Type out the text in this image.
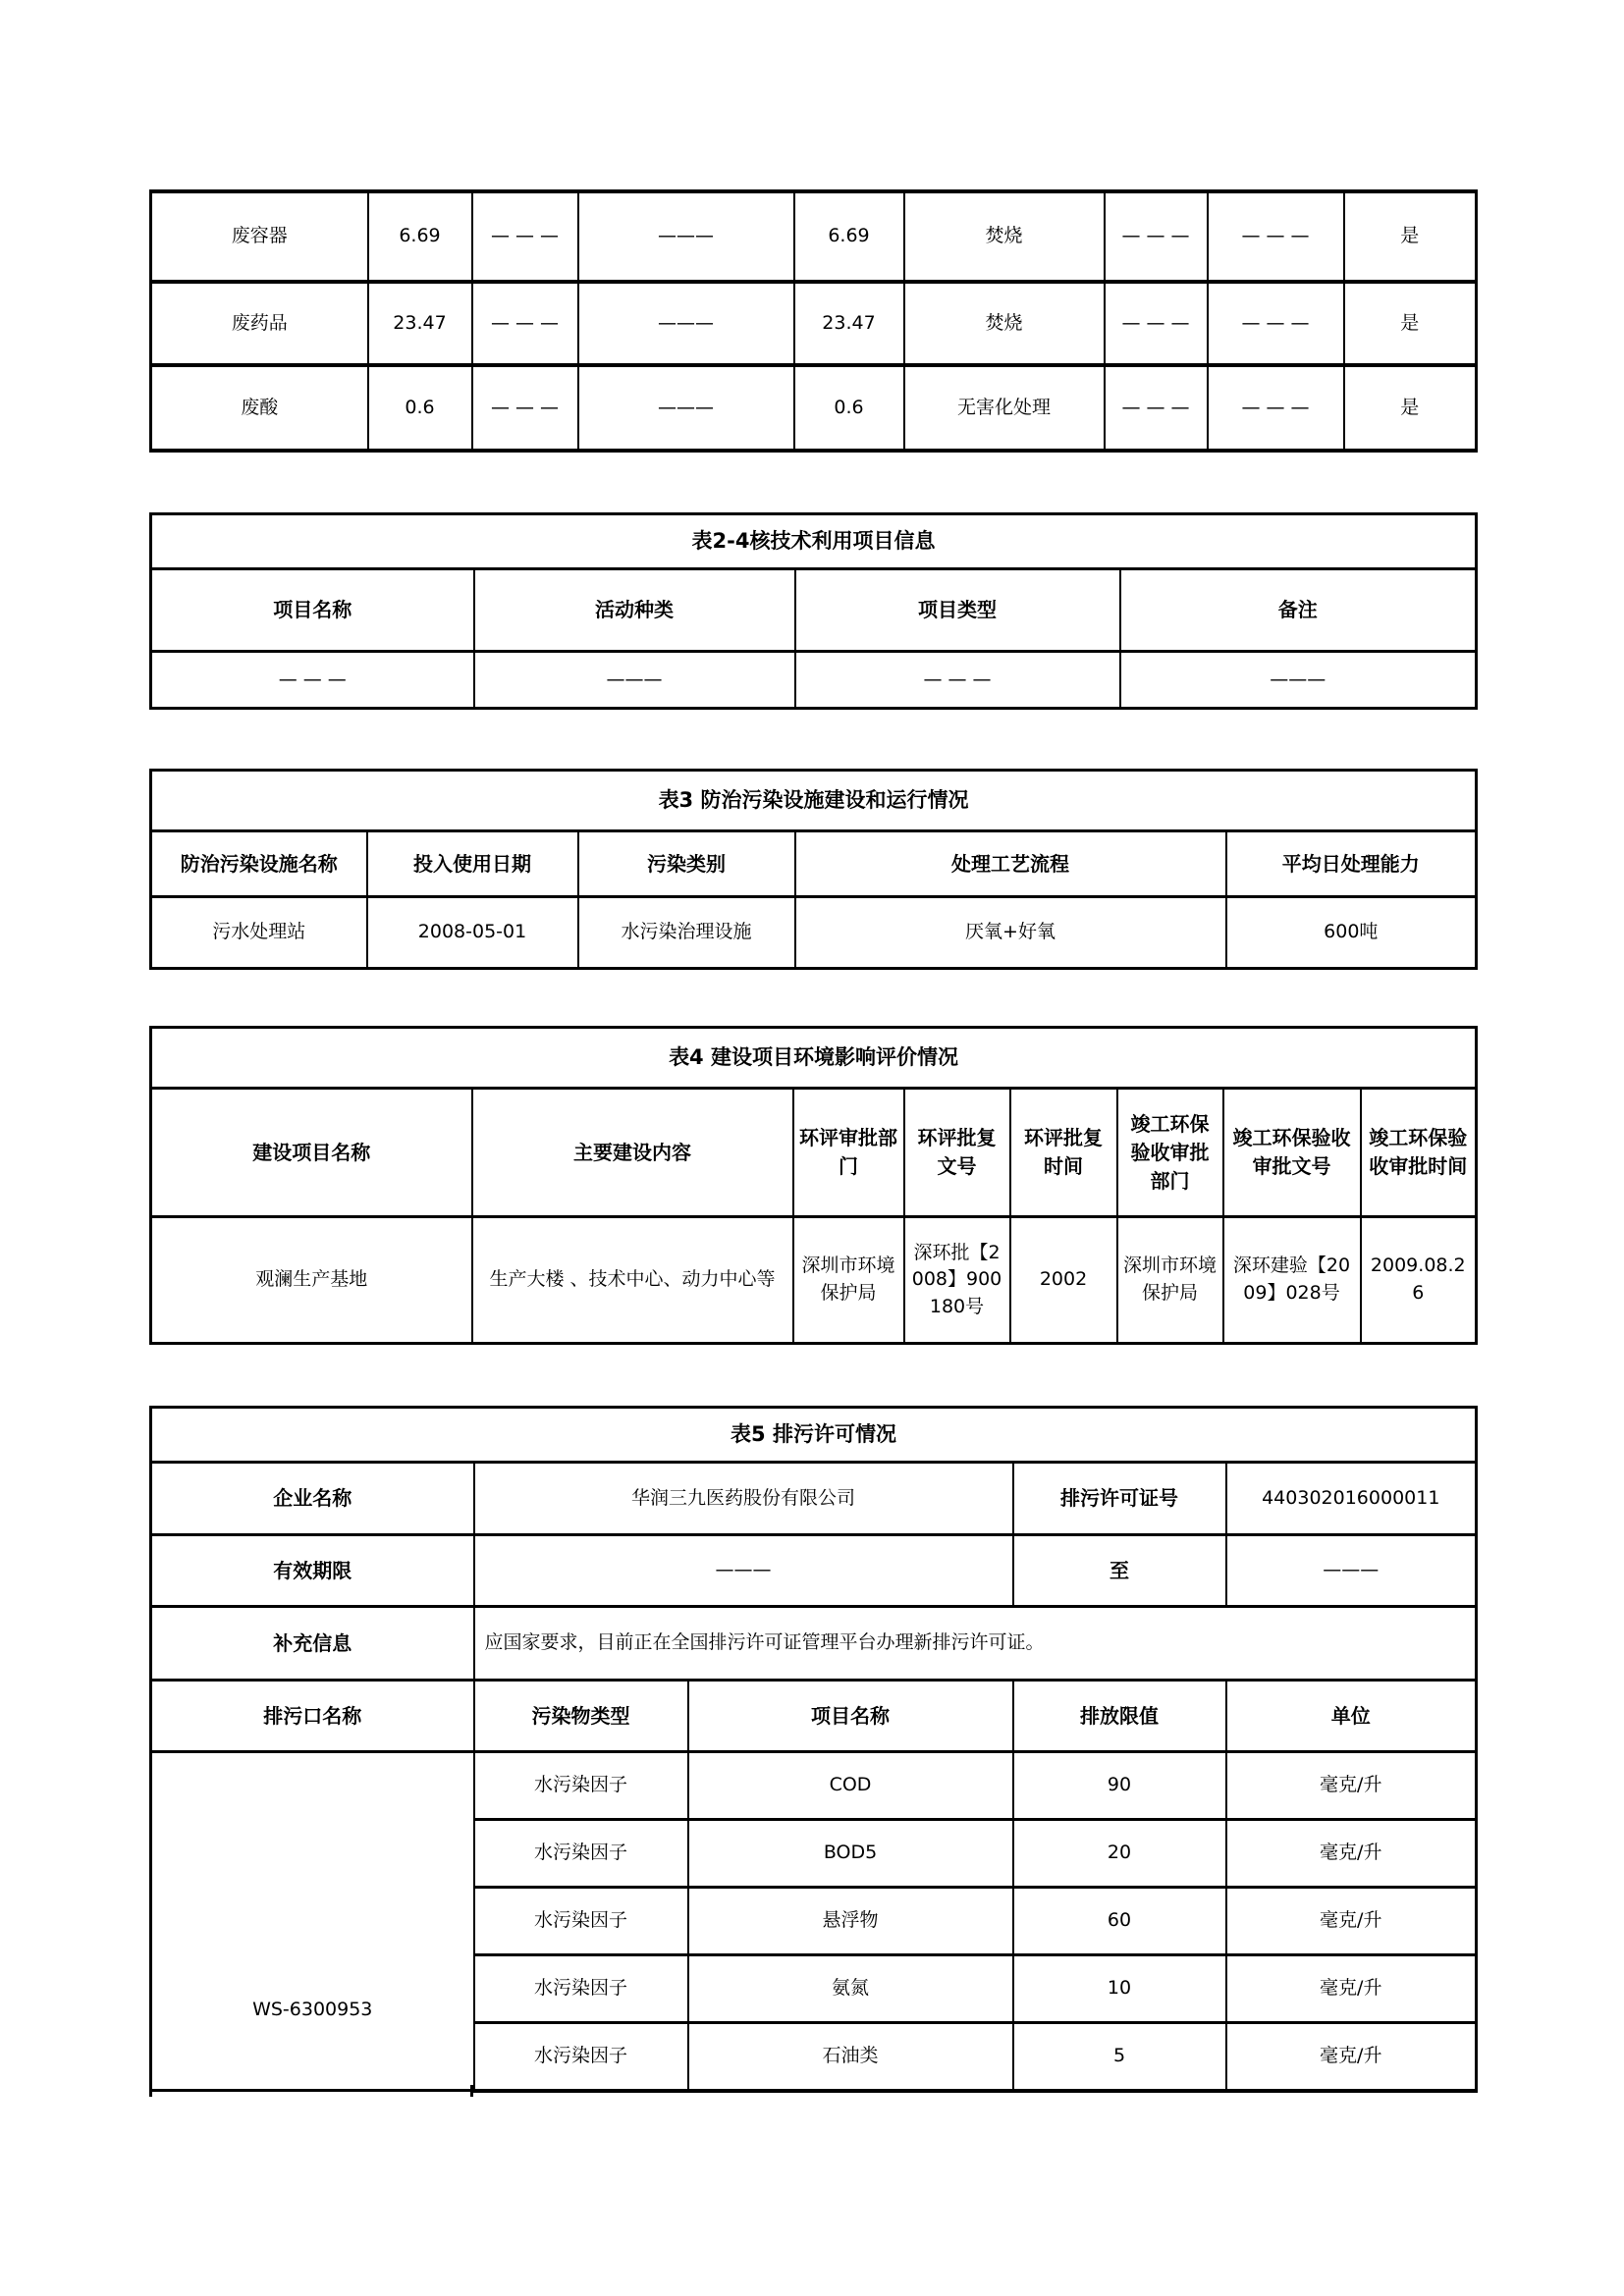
废容器	6.69	— — —	———	6.69	焚烧	— — —	— — —	是
废药品	23.47	— — —	———	23.47	焚烧	— — —	— — —	是
废酸	0.6	— — —	———	0.6	无害化处理	— — —	— — —	是
表2-4核技术利用项目信息			
项目名称	活动种类	项目类型	备注
— — —	———	— — —	———
表3 防治污染设施建设和运行情况				
防治污染设施名称	投入使用日期	污染类别	处理工艺流程	平均日处理能力
污水处理站	2008-05-01	水污染治理设施	厌氧+好氧	600吨
表4 建设项目环境影响评价情况							
建设项目名称	主要建设内容	环评审批部门	环评批复文号	环评批复时间	竣工环保验收审批部门	竣工环保验收审批文号	竣工环保验收审批时间
观澜生产基地	生产大楼 、技术中心、动力中心等	深圳市环境保护局	深环批【2008】900180号	2002	深圳市环境保护局	深环建验【2009】028号	2009.08.26
表5 排污许可情况				
企业名称	华润三九医药股份有限公司		排污许可证号	440302016000011
有效期限	———		至	———
补充信息	应国家要求，目前正在全国排污许可证管理平台办理新排污许可证。			
排污口名称	污染物类型	项目名称	排放限值	单位

WS-6300953	水污染因子	COD	90	毫克/升
	水污染因子	BOD5	20	毫克/升
	水污染因子	悬浮物	60	毫克/升
	水污染因子	氨氮	10	毫克/升
	水污染因子	石油类	5	毫克/升
